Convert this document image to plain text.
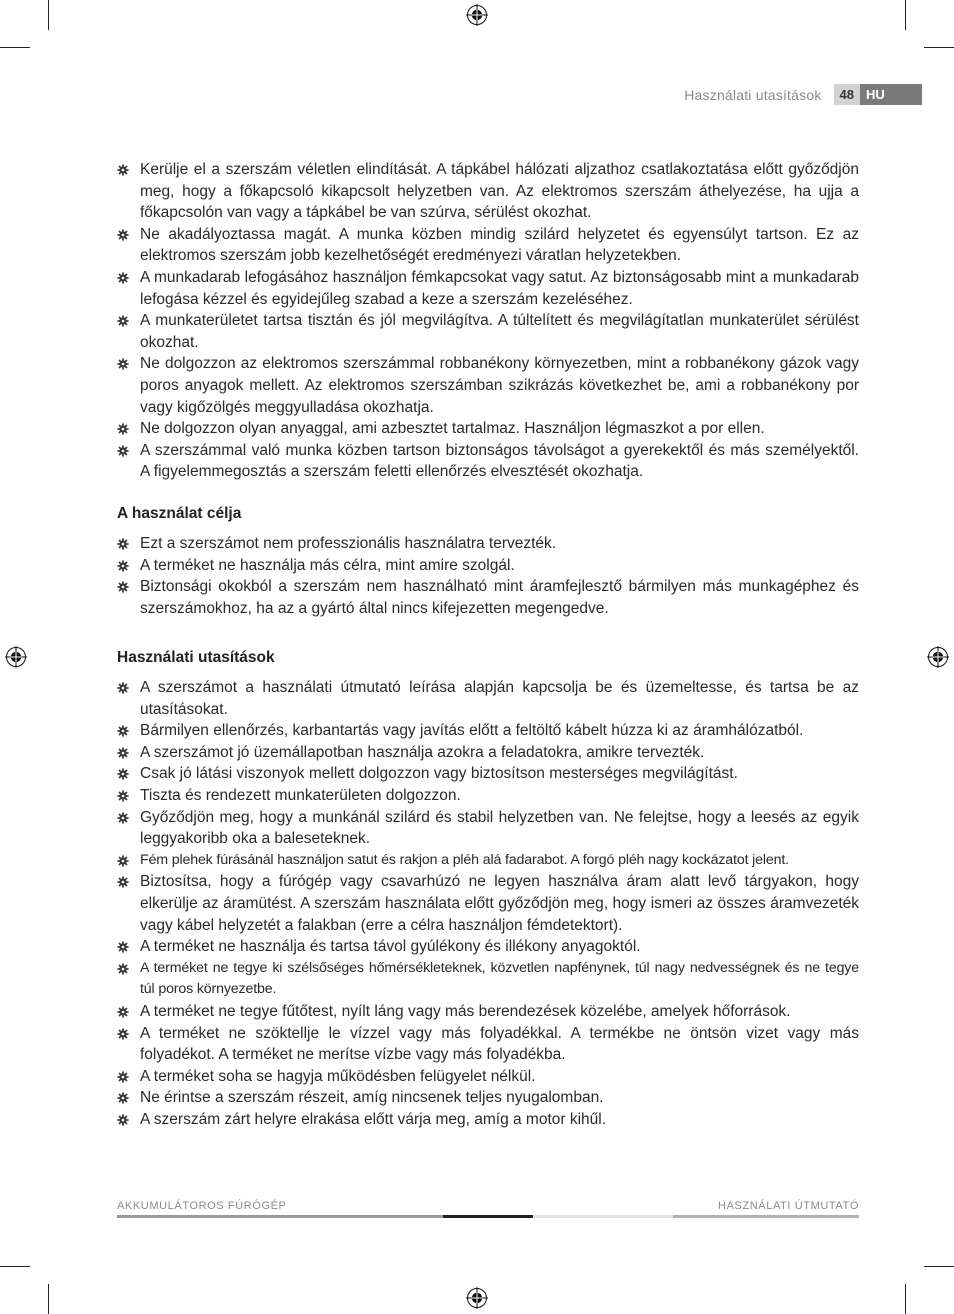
Használati utasítások	48 HU
Kerülje el a szerszám véletlen elindítását. A tápkábel hálózati aljzathoz csatlakoztatása előtt győződjön meg, hogy a főkapcsoló kikapcsolt helyzetben van. Az elektromos szerszám áthelyezése, ha ujja a főkapcsolón van vagy a tápkábel be van szúrva, sérülést okozhat.
Ne akadályoztassa magát. A munka közben mindig szilárd helyzetet és egyensúlyt tartson. Ez az elektromos szerszám jobb kezelhetőségét eredményezi váratlan helyzetekben.
A munkadarab lefogásához használjon fémkapcsokat vagy satut. Az biztonságosabb mint a munkadarab lefogása kézzel és egyidejűleg szabad a keze a szerszám kezeléséhez.
A munkaterületet tartsa tisztán és jól megvilágítva. A túltelített és megvilágítatlan munkaterület sérülést okozhat.
Ne dolgozzon az elektromos szerszámmal robbanékony környezetben, mint a robbanékony gázok vagy poros anyagok mellett. Az elektromos szerszámban szikrázás következhet be, ami a robbanékony por vagy kigőzölgés meggyulladása okozhatja.
Ne dolgozzon olyan anyaggal, ami azbesztet tartalmaz. Használjon légmaszkot a por ellen.
A szerszámmal való munka közben tartson biztonságos távolságot a gyerekektől és más személyektől. A figyelemmegosztás a szerszám feletti ellenőrzés elvesztését okozhatja.
A használat célja
Ezt a szerszámot nem professzionális használatra tervezték.
A terméket ne használja más célra, mint amire szolgál.
Biztonsági okokból a szerszám nem használható mint áramfejlesztő bármilyen más munkagéphez és szerszámokhoz, ha az a gyártó által nincs kifejezetten megengedve.
Használati utasítások
A szerszámot a használati útmutató leírása alapján kapcsolja be és üzemeltesse, és tartsa be az utasításokat.
Bármilyen ellenőrzés, karbantartás vagy javítás előtt a feltöltő kábelt húzza ki az áramhálózatból.
A szerszámot jó üzemállapotban használja azokra a feladatokra, amikre tervezték.
Csak jó látási viszonyok mellett dolgozzon vagy biztosítson mesterséges megvilágítást.
Tiszta és rendezett munkaterületen dolgozzon.
Győződjön meg, hogy a munkánál szilárd és stabil helyzetben van. Ne felejtse, hogy a leesés az egyik leggyakoribb oka a baleseteknek.
Fém plehek fúrásánál használjon satut és rakjon a pléh alá fadarabot. A forgó pléh nagy kockázatot jelent.
Biztosítsa, hogy a fúrógép vagy csavarhúzó ne legyen használva áram alatt levő tárgyakon, hogy elkerülje az áramütést. A szerszám használata előtt győződjön meg, hogy ismeri az összes áramvezeték vagy kábel helyzetét a falakban (erre a célra használjon fémdetektort).
A terméket ne használja és tartsa távol gyúlékony és illékony anyagoktól.
A terméket ne tegye ki szélsőséges hőmérsékleteknek, közvetlen napfénynek, túl nagy nedvességnek és ne tegye túl poros környezetbe.
A terméket ne tegye fűtőtest, nyílt láng vagy más berendezések közelébe, amelyek hőforrások.
A terméket ne szöktellje le vízzel vagy más folyadékkal. A termékbe ne öntsön vizet vagy más folyadékot. A terméket ne merítse vízbe vagy más folyadékba.
A terméket soha se hagyja működésben felügyelet nélkül.
Ne érintse a szerszám részeit, amíg nincsenek teljes nyugalomban.
A szerszám zárt helyre elrakása előtt várja meg, amíg a motor kihűl.
AKKUMULÁTOROS FÚRÓGÉP	HASZNÁLATI ÚTMUTATÓ
